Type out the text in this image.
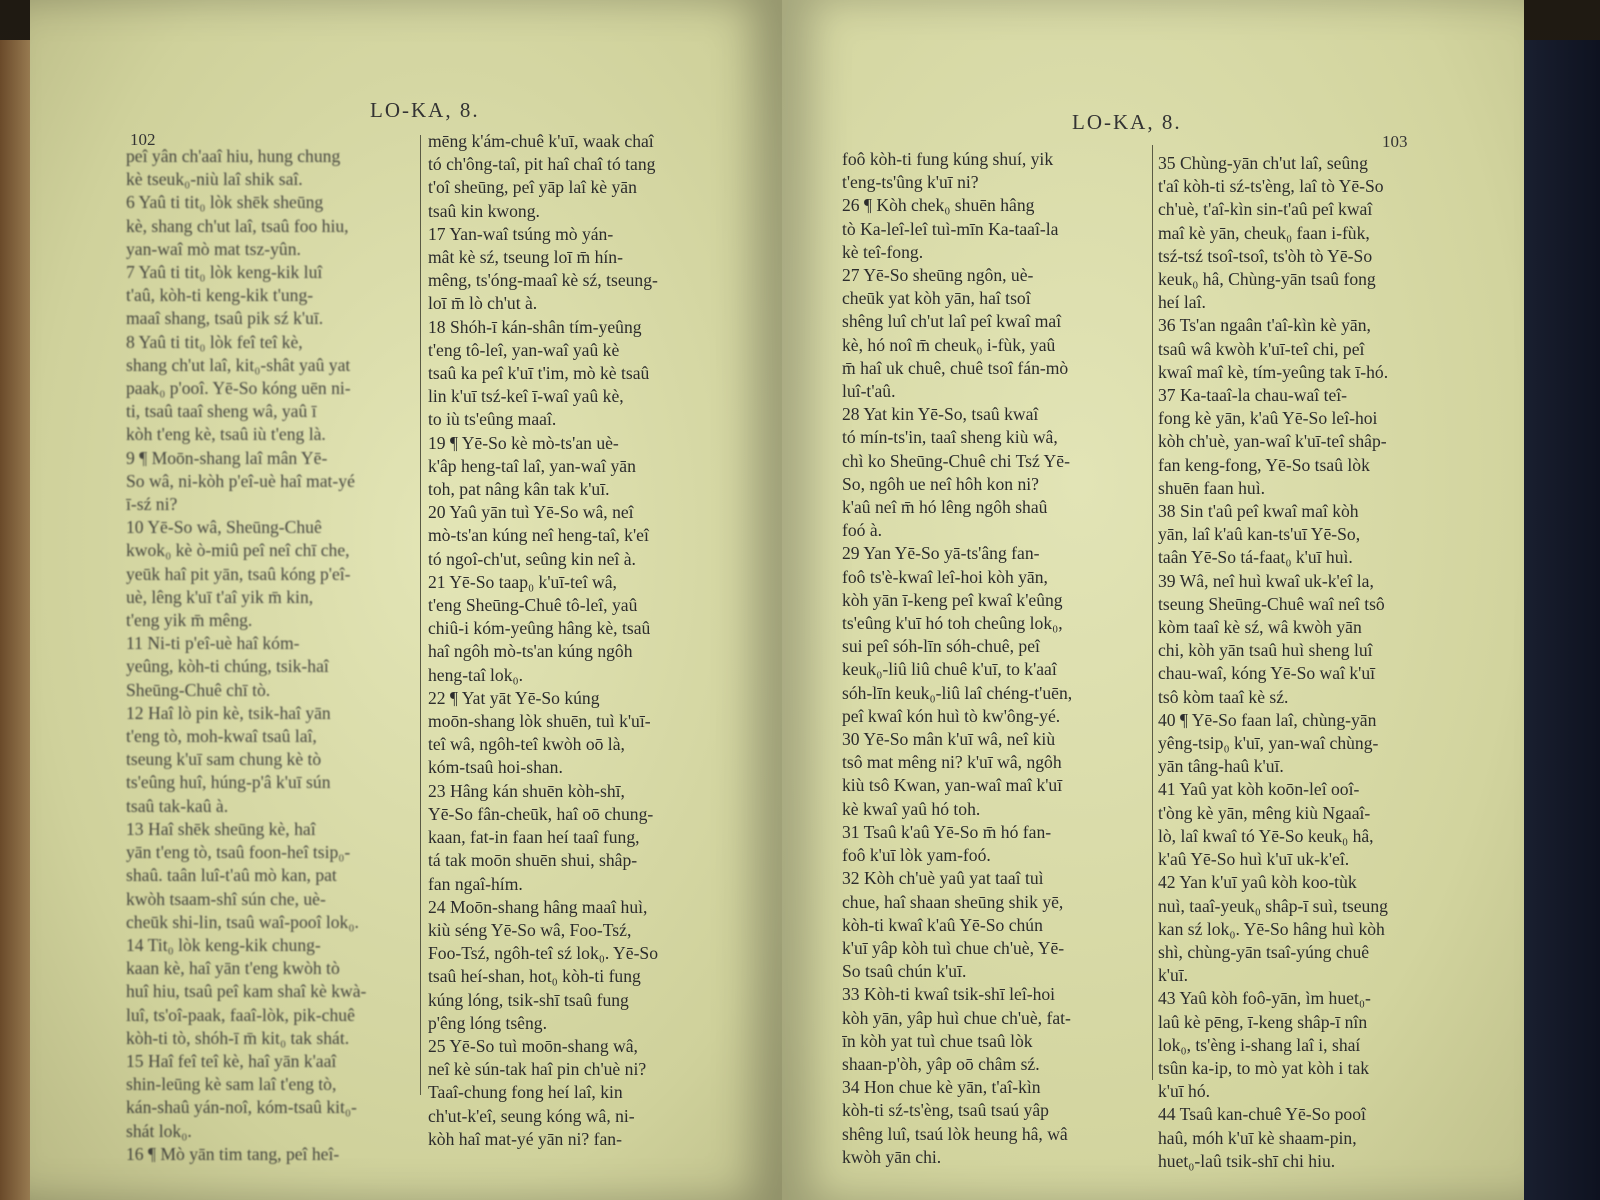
LO-KA, 8.
102
peî yân ch'aaî hiu, hung chung
kè tseuk₀-niù laî shik saî.
6 Yaû ti tit₀ lòk shēk sheūng
kè, shang ch'ut laî, tsaû foo hiu,
yan-waî mò mat tsz-yûn.
7 Yaû ti tit₀ lòk keng-kik luî
t'aû, kòh-ti keng-kik t'ung-
maaî shang, tsaû pik sź k'uī.
8 Yaû ti tit₀ lòk feî teî kè,
shang ch'ut laî, kit₀-shât yaû yat
paak₀ p'ooî. Yē-So kóng uēn ni-
ti, tsaû taaî sheng wâ, yaû ī
kòh t'eng kè, tsaû iù t'eng là.
9 ¶ Moōn-shang laî mân Yē-
So wâ, ni-kòh p'eî-uè haî mat-yé
ī-sź ni?
10 Yē-So wâ, Sheūng-Chuê
kwok₀ kè ò-miû peî neî chī che,
yeūk haî pit yān, tsaû kóng p'eî-
uè, lêng k'uī t'aî yik m̄ kin,
t'eng yik m̄ mêng.
11 Ni-ti p'eî-uè haî kóm-
yeûng, kòh-ti chúng, tsik-haî
Sheūng-Chuê chī tò.
12 Haî lò pin kè, tsik-haî yān
t'eng tò, moh-kwaî tsaû laî,
tseung k'uī sam chung kè tò
ts'eûng huî, húng-p'â k'uī sún
tsaû tak-kaû à.
13 Haî shēk sheūng kè, haî
yān t'eng tò, tsaû foon-heî tsip₀-
shaû. taân luî-t'aû mò kan, pat
kwòh tsaam-shî sún che, uè-
cheūk shi-lin, tsaû waî-pooî lok₀.
14 Tit₀ lòk keng-kik chung-
kaan kè, haî yān t'eng kwòh tò
huî hiu, tsaû peî kam shaî kè kwà-
luî, ts'oî-paak, faaî-lòk, pik-chuê
kòh-ti tò, shóh-ī m̄ kit₀ tak shát.
15 Haî feî teî kè, haî yān k'aaî
shin-leūng kè sam laî t'eng tò,
kán-shaû yán-noî, kóm-tsaû kit₀-
shát lok₀.
16 ¶ Mò yān tim tang, peî heî-
mēng k'ám-chuê k'uī, waak chaî
tó ch'ông-taî, pit haî chaî tó tang
t'oî sheūng, peî yāp laî kè yān
tsaû kin kwong.
17 Yan-waî tsúng mò yán-
mât kè sź, tseung loī m̄ hín-
mêng, ts'óng-maaî kè sź, tseung-
loī m̄ lò ch'ut à.
18 Shóh-ī kán-shân tím-yeûng
t'eng tô-leî, yan-waî yaû kè
tsaû ka peî k'uī t'im, mò kè tsaû
lin k'uī tsź-keî ī-waî yaû kè,
to iù ts'eûng maaî.
19 ¶ Yē-So kè mò-ts'an uè-
k'âp heng-taî laî, yan-waî yān
toh, pat nâng kân tak k'uī.
20 Yaû yān tuì Yē-So wâ, neî
mò-ts'an kúng neî heng-taî, k'eî
tó ngoî-ch'ut, seûng kin neî à.
21 Yē-So taap₀ k'uī-teî wâ,
t'eng Sheūng-Chuê tô-leî, yaû
chiû-i kóm-yeûng hâng kè, tsaû
haî ngôh mò-ts'an kúng ngôh
heng-taî lok₀.
22 ¶ Yat yāt Yē-So kúng
moōn-shang lòk shuēn, tuì k'uī-
teî wâ, ngôh-teî kwòh oō là,
kóm-tsaû hoi-shan.
23 Hâng kán shuēn kòh-shī,
Yē-So fân-cheūk, haî oō chung-
kaan, fat-in faan heí taaî fung,
tá tak moōn shuēn shui, shâp-
fan ngaî-hím.
24 Moōn-shang hâng maaî huì,
kiù séng Yē-So wâ, Foo-Tsź,
Foo-Tsź, ngôh-teî sź lok₀. Yē-So
tsaû heí-shan, hot₀ kòh-ti fung
kúng lóng, tsik-shī tsaû fung
p'êng lóng tsêng.
25 Yē-So tuì moōn-shang wâ,
neî kè sún-tak haî pin ch'uè ni?
Taaî-chung fong heí laî, kin
ch'ut-k'eî, seung kóng wâ, ni-
kòh haî mat-yé yān ni? fan-
LO-KA, 8.
103
foô kòh-ti fung kúng shuí, yik
t'eng-ts'ûng k'uī ni?
26 ¶ Kòh chek₀ shuēn hâng
tò Ka-leî-leî tuì-mīn Ka-taaî-la
kè teî-fong.
27 Yē-So sheūng ngôn, uè-
cheūk yat kòh yān, haî tsoî
shêng luî ch'ut laî peî kwaî maî
kè, hó noî m̄ cheuk₀ i-fùk, yaû
m̄ haî uk chuê, chuê tsoî fán-mò
luî-t'aû.
28 Yat kin Yē-So, tsaû kwaî
tó mín-ts'in, taaî sheng kiù wâ,
chì ko Sheūng-Chuê chi Tsź Yē-
So, ngôh ue neî hôh kon ni?
k'aû neî m̄ hó lêng ngôh shaû
foó à.
29 Yan Yē-So yā-ts'âng fan-
foô ts'è-kwaî leî-hoi kòh yān,
kòh yān ī-keng peî kwaî k'eûng
ts'eûng k'uī hó toh cheûng lok₀,
sui peî sóh-līn sóh-chuê, peî
keuk₀-liû liû chuê k'uī, to k'aaî
sóh-līn keuk₀-liû laî chéng-t'uēn,
peî kwaî kón huì tò kw'ông-yé.
30 Yē-So mân k'uī wâ, neî kiù
tsô mat mêng ni? k'uī wâ, ngôh
kiù tsô Kwan, yan-waî maî k'uī
kè kwaî yaû hó toh.
31 Tsaû k'aû Yē-So m̄ hó fan-
foô k'uī lòk yam-foó.
32 Kòh ch'uè yaû yat taaî tuì
chue, haî shaan sheūng shik yē,
kòh-ti kwaî k'aû Yē-So chún
k'uī yâp kòh tuì chue ch'uè, Yē-
So tsaû chún k'uī.
33 Kòh-ti kwaî tsik-shī leî-hoi
kòh yān, yâp huì chue ch'uè, fat-
īn kòh yat tuì chue tsaû lòk
shaan-p'òh, yâp oō châm sź.
34 Hon chue kè yān, t'aî-kìn
kòh-ti sź-ts'èng, tsaû tsaú yâp
shêng luî, tsaú lòk heung hâ, wâ
kwòh yān chi.
35 Chùng-yān ch'ut laî, seûng
t'aî kòh-ti sź-ts'èng, laî tò Yē-So
ch'uè, t'aî-kìn sin-t'aû peî kwaî
maî kè yān, cheuk₀ faan i-fùk,
tsź-tsź tsoî-tsoî, ts'òh tò Yē-So
keuk₀ hâ, Chùng-yān tsaû fong
heí laî.
36 Ts'an ngaân t'aî-kìn kè yān,
tsaû wâ kwòh k'uī-teî chi, peî
kwaî maî kè, tím-yeûng tak ī-hó.
37 Ka-taaî-la chau-waî teî-
fong kè yān, k'aû Yē-So leî-hoi
kòh ch'uè, yan-waî k'uī-teî shâp-
fan keng-fong, Yē-So tsaû lòk
shuēn faan huì.
38 Sin t'aû peî kwaî maî kòh
yān, laî k'aû kan-ts'uī Yē-So,
taân Yē-So tá-faat₀ k'uī huì.
39 Wâ, neî huì kwaî uk-k'eî la,
tseung Sheūng-Chuê waî neî tsô
kòm taaî kè sź, wâ kwòh yān
chi, kòh yān tsaû huì sheng luî
chau-waî, kóng Yē-So waî k'uī
tsô kòm taaî kè sź.
40 ¶ Yē-So faan laî, chùng-yān
yêng-tsip₀ k'uī, yan-waî chùng-
yān tâng-haû k'uī.
41 Yaû yat kòh koōn-leî ooî-
t'òng kè yān, mêng kiù Ngaaî-
lò, laî kwaî tó Yē-So keuk₀ hâ,
k'aû Yē-So huì k'uī uk-k'eî.
42 Yan k'uī yaû kòh koo-tùk
nuì, taaî-yeuk₀ shâp-ī suì, tseung
kan sź lok₀. Yē-So hâng huì kòh
shì, chùng-yān tsaî-yúng chuê
k'uī.
43 Yaû kòh foô-yān, ìm huet₀-
laû kè pēng, ī-keng shâp-ī nîn
lok₀, ts'èng i-shang laî i, shaí
tsûn ka-ip, to mò yat kòh i tak
k'uī hó.
44 Tsaû kan-chuê Yē-So pooî
haû, móh k'uī kè shaam-pin,
huet₀-laû tsik-shī chi hiu.
